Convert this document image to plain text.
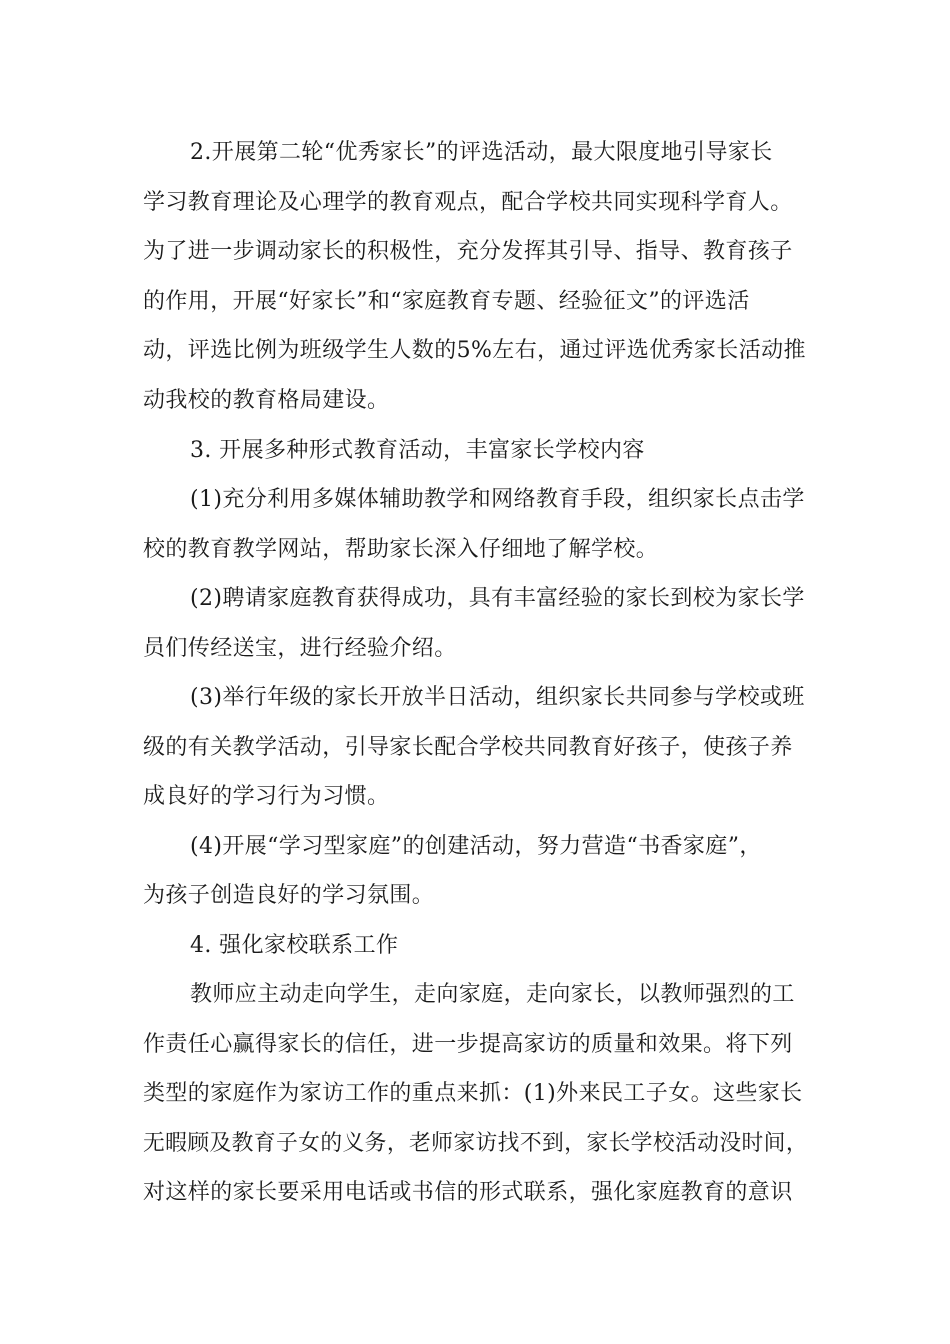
2.开展第二轮“优秀家长”的评选活动，最大限度地引导家长
学习教育理论及心理学的教育观点，配合学校共同实现科学育人。
为了进一步调动家长的积极性，充分发挥其引导、指导、教育孩子
的作用，开展“好家长”和“家庭教育专题、经验征文”的评选活
动，评选比例为班级学生人数的5%左右，通过评选优秀家长活动推
动我校的教育格局建设。
3. 开展多种形式教育活动，丰富家长学校内容
(1)充分利用多媒体辅助教学和网络教育手段，组织家长点击学
校的教育教学网站，帮助家长深入仔细地了解学校。
(2)聘请家庭教育获得成功，具有丰富经验的家长到校为家长学
员们传经送宝，进行经验介绍。
(3)举行年级的家长开放半日活动，组织家长共同参与学校或班
级的有关教学活动，引导家长配合学校共同教育好孩子，使孩子养
成良好的学习行为习惯。
(4)开展“学习型家庭”的创建活动，努力营造“书香家庭”，
为孩子创造良好的学习氛围。
4. 强化家校联系工作
教师应主动走向学生，走向家庭，走向家长，以教师强烈的工
作责任心赢得家长的信任，进一步提高家访的质量和效果。将下列
类型的家庭作为家访工作的重点来抓：(1)外来民工子女。这些家长
无暇顾及教育子女的义务，老师家访找不到，家长学校活动没时间，
对这样的家长要采用电话或书信的形式联系，强化家庭教育的意识
